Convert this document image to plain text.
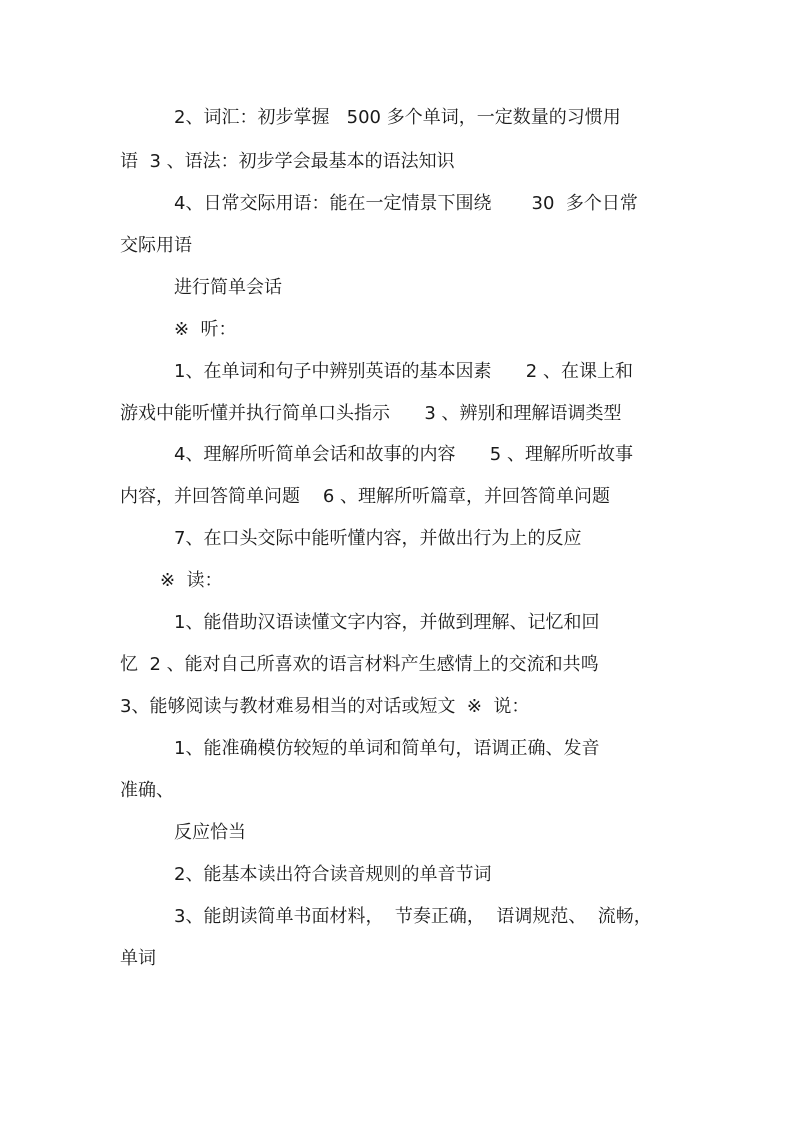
2、词汇：初步掌握   500 多个单词，一定数量的习惯用
语  3 、语法：初步学会最基本的语法知识
4、日常交际用语：能在一定情景下围绕       30  多个日常
交际用语
进行简单会话
※  听：
1、在单词和句子中辨别英语的基本因素      2 、在课上和
游戏中能听懂并执行简单口头指示      3 、辨别和理解语调类型
4、理解所听简单会话和故事的内容      5 、理解所听故事
内容，并回答简单问题    6 、理解所听篇章，并回答简单问题
7、在口头交际中能听懂内容，并做出行为上的反应
※  读：
1、能借助汉语读懂文字内容，并做到理解、记忆和回
忆  2 、能对自己所喜欢的语言材料产生感情上的交流和共鸣
3、能够阅读与教材难易相当的对话或短文  ※  说：
1、能准确模仿较短的单词和简单句，语调正确、发音
准确、
反应恰当
2、能基本读出符合读音规则的单音节词
3、能朗读简单书面材料，  节奏正确，  语调规范、  流畅，
单词
